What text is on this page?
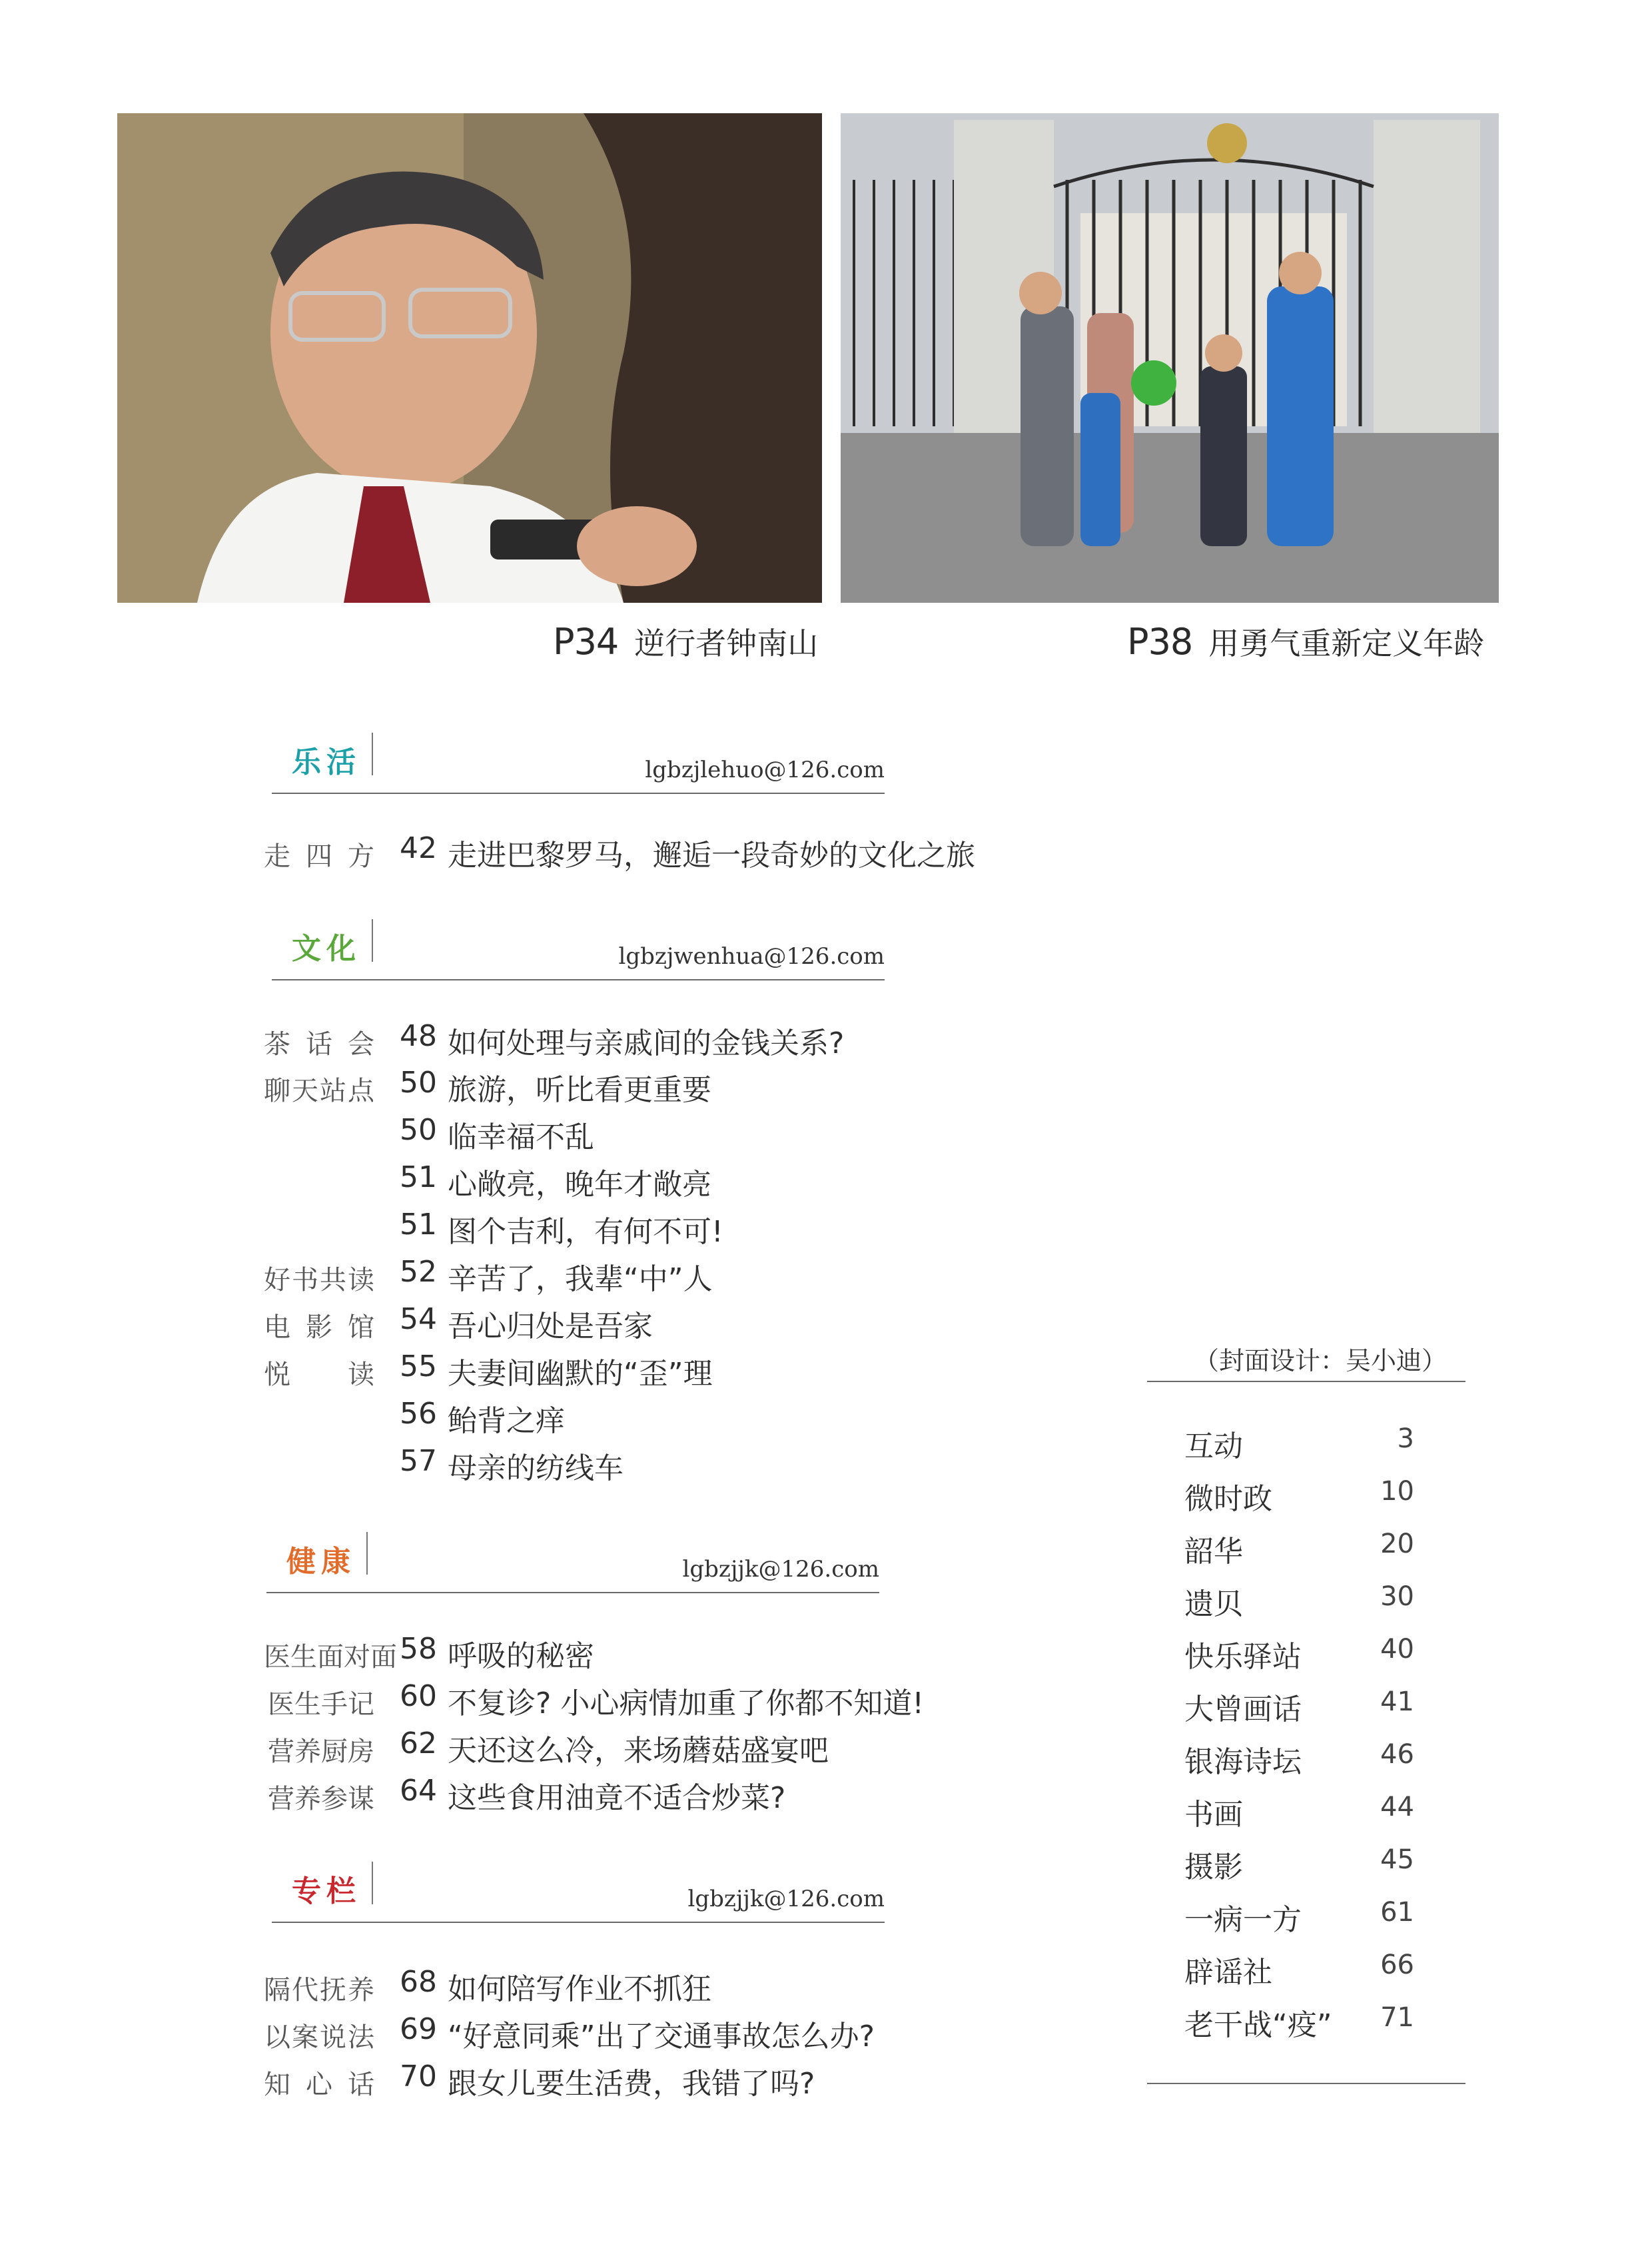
P34 逆行者钟南山	P38 用勇气重新定义年龄
乐活	lgbzjlehuo@126.com
走四方 42 走进巴黎罗马，邂逅一段奇妙的文化之旅
文化	lgbzjwenhua@126.com
茶话会 48 如何处理与亲戚间的金钱关系?
聊天站点 50 旅游，听比看更重要
50 临幸福不乱
51 心敞亮，晚年才敞亮
51 图个吉利，有何不可!
好书共读 52 辛苦了，我辈“中”人
电影馆 54 吾心归处是吾家
悦读 55 夫妻间幽默的“歪”理
56 鲐背之痒
57 母亲的纺线车
健康	lgbzjjk@126.com
医生面对面 58 呼吸的秘密
医生手记 60 不复诊? 小心病情加重了你都不知道!
营养厨房 62 天还这么冷，来场蘑菇盛宴吧
营养参谋 64 这些食用油竟不适合炒菜?
专栏	lgbzjjk@126.com
隔代抚养 68 如何陪写作业不抓狂
以案说法 69 “好意同乘”出了交通事故怎么办?
知心话 70 跟女儿要生活费，我错了吗?
（封面设计：吴小迪）
互动	3
微时政	10
韶华	20
遗贝	30
快乐驿站	40
大曾画话	41
银海诗坛	46
书画	44
摄影	45
一病一方	61
辟谣社	66
老干战“疫” 71
